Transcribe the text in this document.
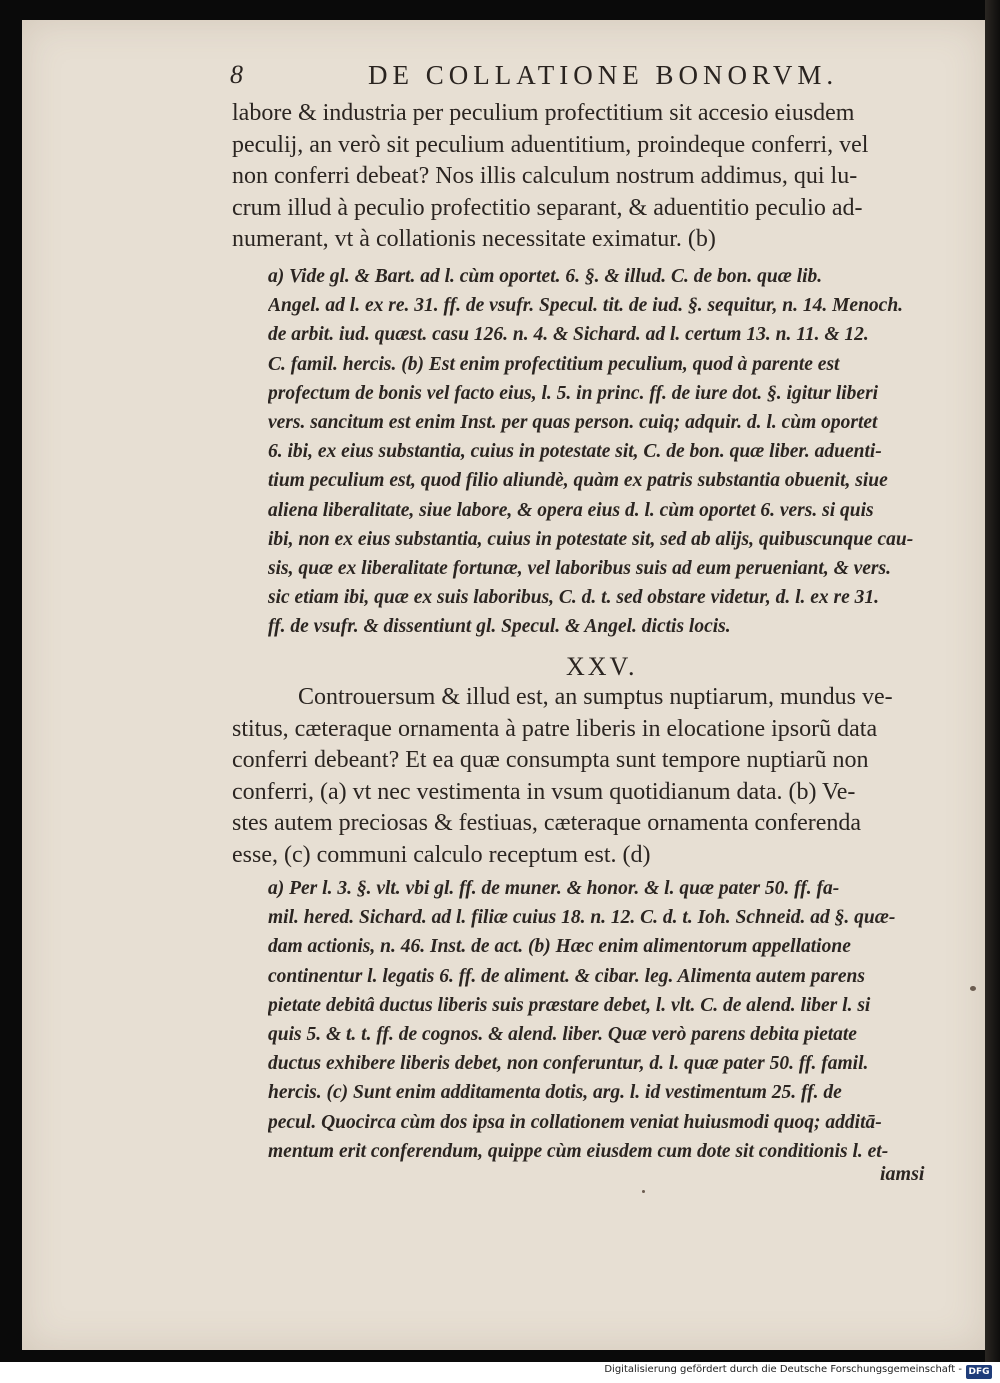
8	DE COLLATIONE BONORVM.
labore & industria per peculium profectitium sit accesio eiusdem
peculij, an verò sit peculium aduentitium, proindeque conferri, vel
non conferri debeat? Nos illis calculum nostrum addimus, qui lu-
crum illud à peculio profectitio separant, & aduentitio peculio ad-
numerant, vt à collationis necessitate eximatur. (b)
a) Vide gl. & Bart. ad l. cùm oportet. 6. §. & illud. C. de bon. quæ lib.
Angel. ad l. ex re. 31. ff. de vsufr. Specul. tit. de iud. §. sequitur, n. 14. Menoch.
de arbit. iud. quæst. casu 126. n. 4. & Sichard. ad l. certum 13. n. 11. & 12.
C. famil. hercis. (b) Est enim profectitium peculium, quod à parente est
profectum de bonis vel facto eius, l. 5. in princ. ff. de iure dot. §. igitur liberi
vers. sancitum est enim Inst. per quas person. cuiq; adquir. d. l. cùm oportet
6. ibi, ex eius substantia, cuius in potestate sit, C. de bon. quæ liber. aduenti-
tium peculium est, quod filio aliundè, quàm ex patris substantia obuenit, siue
aliena liberalitate, siue labore, & opera eius d. l. cùm oportet 6. vers. si quis
ibi, non ex eius substantia, cuius in potestate sit, sed ab alijs, quibuscunque cau-
sis, quæ ex liberalitate fortunæ, vel laboribus suis ad eum perueniant, & vers.
sic etiam ibi, quæ ex suis laboribus, C. d. t. sed obstare videtur, d. l. ex re 31.
ff. de vsufr. & dissentiunt gl. Specul. & Angel. dictis locis.
XXV.
Controuersum & illud est, an sumptus nuptiarum, mundus ve-
stitus, cæteraque ornamenta à patre liberis in elocatione ipsorũ data
conferri debeant? Et ea quæ consumpta sunt tempore nuptiarũ non
conferri, (a) vt nec vestimenta in vsum quotidianum data. (b) Ve-
stes autem preciosas & festiuas, cæteraque ornamenta conferenda
esse, (c) communi calculo receptum est. (d)
a) Per l. 3. §. vlt. vbi gl. ff. de muner. & honor. & l. quæ pater 50. ff. fa-
mil. hered. Sichard. ad l. filiæ cuius 18. n. 12. C. d. t. Ioh. Schneid. ad §. quæ-
dam actionis, n. 46. Inst. de act. (b) Hæc enim alimentorum appellatione
continentur l. legatis 6. ff. de aliment. & cibar. leg. Alimenta autem parens
pietate debitâ ductus liberis suis præstare debet, l. vlt. C. de alend. liber l. si
quis 5. & t. t. ff. de cognos. & alend. liber. Quæ verò parens debita pietate
ductus exhibere liberis debet, non conferuntur, d. l. quæ pater 50. ff. famil.
hercis. (c) Sunt enim additamenta dotis, arg. l. id vestimentum 25. ff. de
pecul. Quocirca cùm dos ipsa in collationem veniat huiusmodi quoq; additā-
mentum erit conferendum, quippe cùm eiusdem cum dote sit conditionis l. et-
iamsi
Digitalisierung gefördert durch die Deutsche Forschungsgemeinschaft - DFG
